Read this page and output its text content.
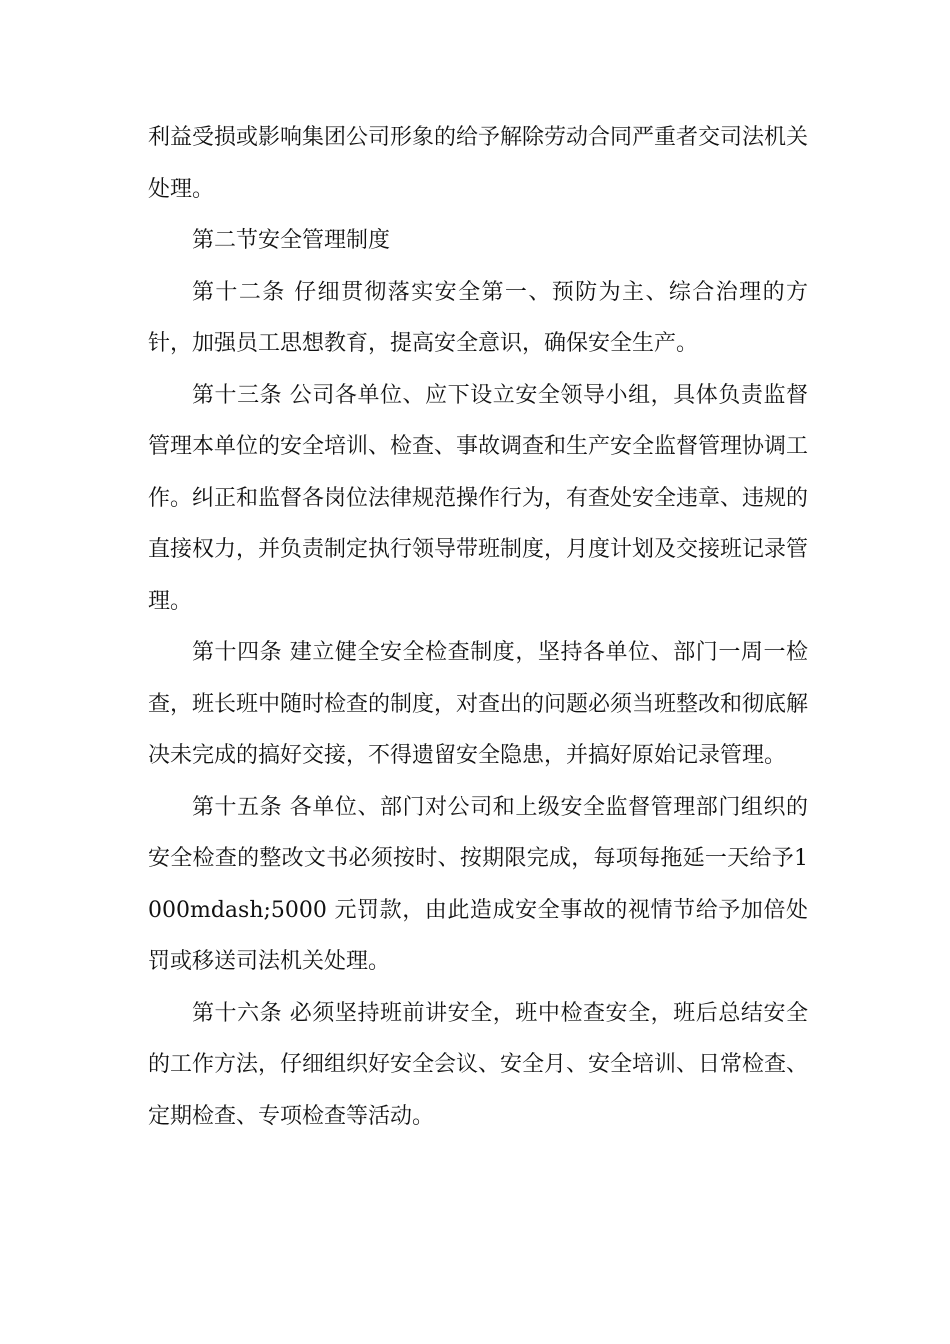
利益受损或影响集团公司形象的给予解除劳动合同严重者交司法机关处理。

第二节安全管理制度

第十二条 仔细贯彻落实安全第一、预防为主、综合治理的方针，加强员工思想教育，提高安全意识，确保安全生产。

第十三条 公司各单位、应下设立安全领导小组，具体负责监督管理本单位的安全培训、检查、事故调查和生产安全监督管理协调工作。纠正和监督各岗位法律规范操作行为，有查处安全违章、违规的直接权力，并负责制定执行领导带班制度，月度计划及交接班记录管理。

第十四条 建立健全安全检查制度，坚持各单位、部门一周一检查，班长班中随时检查的制度，对查出的问题必须当班整改和彻底解决未完成的搞好交接，不得遗留安全隐患，并搞好原始记录管理。

第十五条 各单位、部门对公司和上级安全监督管理部门组织的安全检查的整改文书必须按时、按期限完成，每项每拖延一天给予1000mdash;5000 元罚款，由此造成安全事故的视情节给予加倍处罚或移送司法机关处理。

第十六条 必须坚持班前讲安全，班中检查安全，班后总结安全的工作方法，仔细组织好安全会议、安全月、安全培训、日常检查、定期检查、专项检查等活动。
